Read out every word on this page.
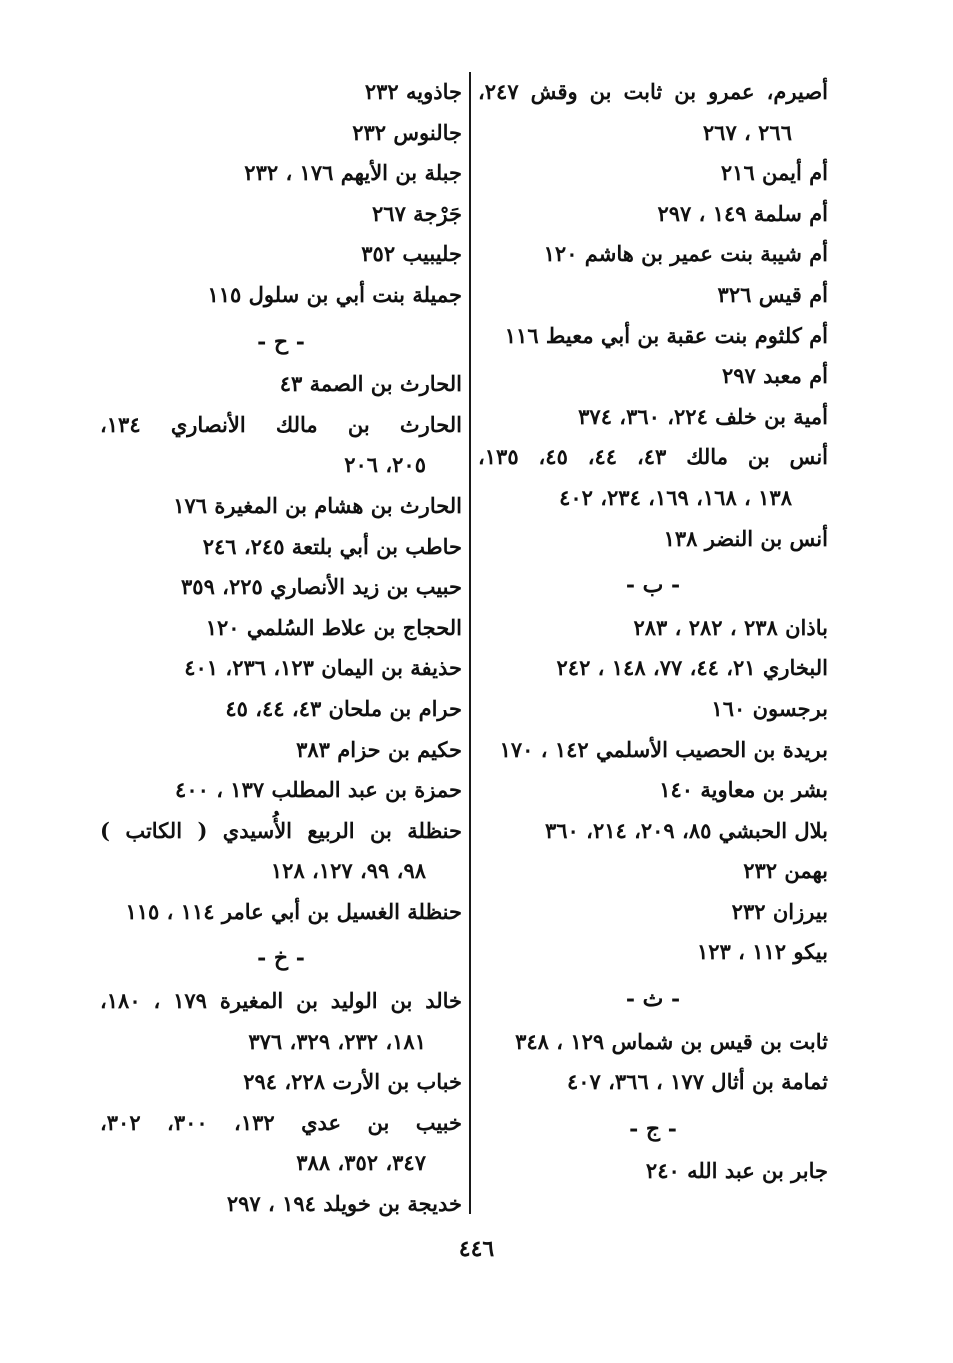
أصيرم، عمرو بن ثابت بن وقش ٢٤٧،
٢٦٦ ، ٢٦٧
أم أيمن ٢١٦
أم سلمة ١٤٩ ، ٢٩٧
أم شيبة بنت عمير بن هاشم ١٢٠
أم قيس ٣٢٦
أم كلثوم بنت عقبة بن أبي معيط ١١٦
أم معبد ٢٩٧
أمية بن خلف ٢٢٤، ٣٦٠، ٣٧٤
أنس بن مالك ٤٣، ٤٤، ٤٥، ١٣٥،
١٣٨ ، ١٦٨، ١٦٩، ٢٣٤، ٤٠٢
أنس بن النضر ١٣٨
- ب -
باذان ٢٣٨ ، ٢٨٢ ، ٢٨٣
البخاري ٢١، ٤٤، ٧٧، ١٤٨ ، ٢٤٢
برجسون ١٦٠
بريدة بن الحصيب الأسلمي ١٤٢ ، ١٧٠
بشر بن معاوية ١٤٠
بلال الحبشي ٨٥، ٢٠٩، ٢١٤، ٣٦٠
بهمن ٢٣٢
بيرزان ٢٣٢
بيكو ١١٢ ، ١٢٣
- ث -
ثابت بن قيس بن شماس ١٢٩ ، ٣٤٨
ثمامة بن أثال ١٧٧ ، ٣٦٦، ٤٠٧
- ج -
جابر بن عبد الله ٢٤٠
جاذويه ٢٣٢
جالنوس ٢٣٢
جبلة بن الأيهم ١٧٦ ، ٢٣٢
جَرْجة ٢٦٧
جليبيب ٣٥٢
جميلة بنت أبي بن سلول ١١٥
- ح -
الحارث بن الصمة ٤٣
الحارث بن مالك الأنصاري ١٣٤،
٢٠٥، ٢٠٦
الحارث بن هشام بن المغيرة ١٧٦
حاطب بن أبي بلتعة ٢٤٥، ٢٤٦
حبيب بن زيد الأنصاري ٢٢٥، ٣٥٩
الحجاج بن علاط السُلمي ١٢٠
حذيفة بن اليمان ١٢٣، ٢٣٦، ٤٠١
حرام بن ملحان ٤٣، ٤٤، ٤٥
حكيم بن حزام ٣٨٣
حمزة بن عبد المطلب ١٣٧ ، ٤٠٠
حنظلة بن الربيع الأُسيدي ( الكاتب )
٩٨، ٩٩، ١٢٧، ١٢٨
حنظلة الغسيل بن أبي عامر ١١٤ ، ١١٥
- خ -
خالد بن الوليد بن المغيرة ١٧٩ ، ١٨٠،
١٨١، ٢٣٢، ٣٢٩، ٣٧٦
خباب بن الأرت ٢٢٨، ٢٩٤
خبيب بن عدي ١٣٢، ٣٠٠، ٣٠٢،
٣٤٧، ٣٥٢، ٣٨٨
خديجة بن خويلد ١٩٤ ، ٢٩٧
٤٤٦
